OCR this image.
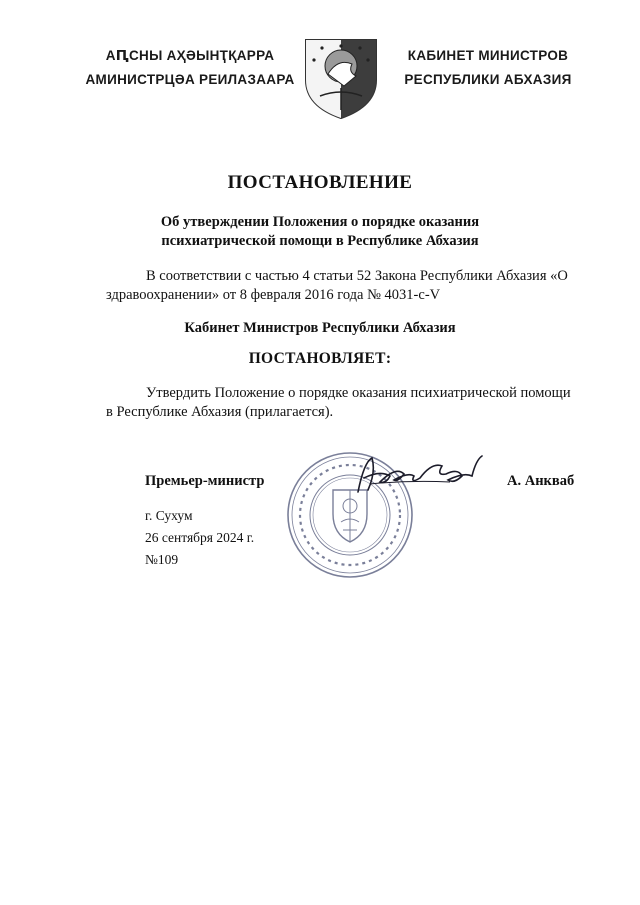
АԤСНЫ АҲӘЫНҬҚАРРА
АМИНИСТРЦӘА РЕИЛАЗААРА
КАБИНЕТ МИНИСТРОВ
РЕСПУБЛИКИ АБХАЗИЯ
ПОСТАНОВЛЕНИЕ
Об утверждении Положения о порядке оказания
психиатрической помощи в Республике Абхазия
В соответствии с частью 4 статьи 52 Закона Республики Абхазия «О
здравоохранении» от 8 февраля 2016 года № 4031-с-V
Кабинет Министров Республики Абхазия
ПОСТАНОВЛЯЕТ:
Утвердить Положение о порядке оказания психиатрической помощи
в Республике Абхазия (прилагается).
Премьер-министр	А. Анкваб
г. Сухум
26 сентября 2024 г.
№109
